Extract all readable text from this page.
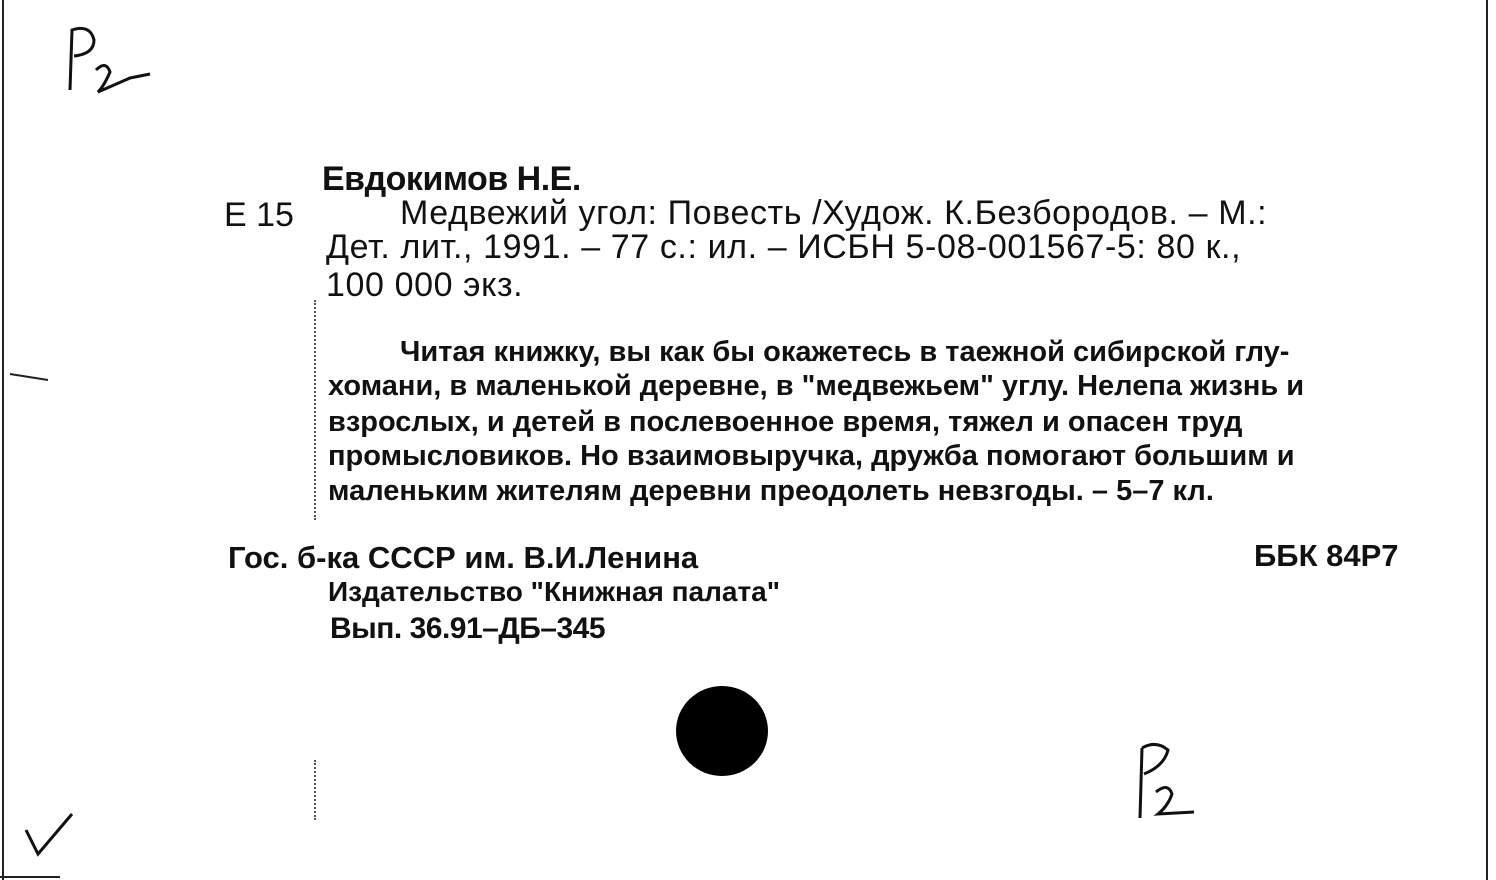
Евдокимов Н.Е.
Е 15	Медвежий угол: Повесть /Худож. К.Безбородов. – М.:
Дет. лит., 1991. – 77 с.: ил. – ИСБН 5-08-001567-5: 80 к.,
100 000 экз.
Читая книжку, вы как бы окажетесь в таежной сибирской глу-
хомани, в маленькой деревне, в "медвежьем" углу. Нелепа жизнь и
взрослых, и детей в послевоенное время, тяжел и опасен труд
промысловиков. Но взаимовыручка, дружба помогают большим и
маленьким жителям деревни преодолеть невзгоды. – 5–7 кл.
Гос. б-ка СССР им. В.И.Ленина	ББК 84Р7
Издательство "Книжная палата"
Вып. 36.91–ДБ–345
